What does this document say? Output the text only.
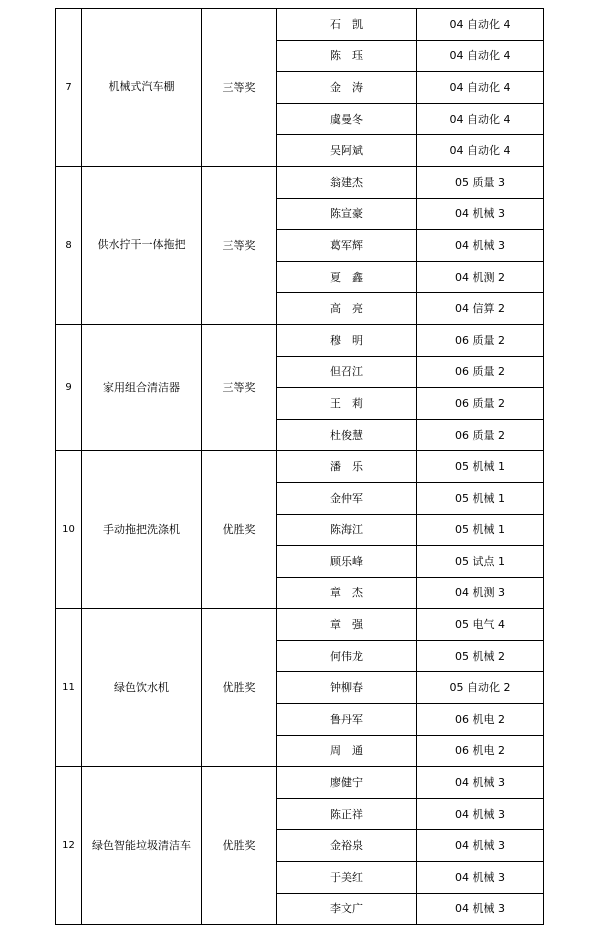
7	机械式汽车棚	三等奖	石　凯	04 自动化 4
			陈　珏	04 自动化 4
			金　涛	04 自动化 4
			虞曼冬	04 自动化 4
			吴阿斌	04 自动化 4
8	供水拧干一体拖把	三等奖	翁建杰	05 质量 3
			陈宣豪	04 机械 3
			葛军辉	04 机械 3
			夏　鑫	04 机测 2
			高　亮	04 信算 2
9	家用组合清洁器	三等奖	穆　明	06 质量 2
			但召江	06 质量 2
			王　莉	06 质量 2
			杜俊慧	06 质量 2
10	手动拖把洗涤机	优胜奖	潘　乐	05 机械 1
			金仲军	05 机械 1
			陈海江	05 机械 1
			顾乐峰	05 试点 1
			章　杰	04 机测 3
11	绿色饮水机	优胜奖	章　强	05 电气 4
			何伟龙	05 机械 2
			钟柳春	05 自动化 2
			鲁丹军	06 机电 2
			周　通	06 机电 2
12	绿色智能垃圾清洁车	优胜奖	廖健宁	04 机械 3
			陈正祥	04 机械 3
			金裕泉	04 机械 3
			于美红	04 机械 3
			李文广	04 机械 3
